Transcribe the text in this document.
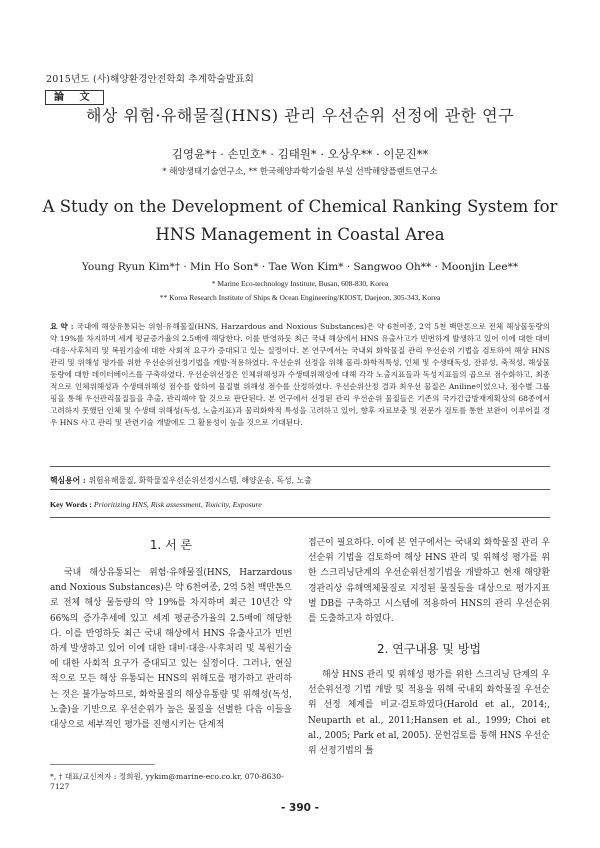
2015년도 (사)해양환경안전학회 추계학술발표회
論 文
해상 위험·유해물질(HNS) 관리 우선순위 선정에 관한 연구
김영윤*† · 손민호* · 김태원* · 오상우** · 이문진**
* 해양생태기술연구소, ** 한국해양과학기술원 부설 선박해양플랜트연구소
A Study on the Development of Chemical Ranking System for HNS Management in Coastal Area
Young Ryun Kim*† · Min Ho Son* · Tae Won Kim* · Sangwoo Oh** · Moonjin Lee**
* Marine Eco-technology Institute, Busan, 608-830, Korea
** Korea Research Institute of Ships & Ocean Engineering/KIOST, Daejeon, 305-343, Korea
요 약 : 국내에 해상유통되는 위험·유해물질(HNS, Harzardous and Noxious Substances)은 약 6천여종, 2억 5천 백만톤으로 전체 해상물동량의 약 19%를 차지하며 세계 평균증가율의 2.5배에 해당한다. 이를 반영하듯 최근 국내 해상에서 HNS 유출사고가 빈번하게 발생하고 있어 이에 대한 대비·대응·사후처리 및 복원기술에 대한 사회적 요구가 증대되고 있는 실정이다. 본 연구에서는 국내외 화학물질 관리 우선순위 기법을 검토하여 해상 HNS 관리 및 위해성 평가를 위한 우선순위선정기법을 개발·적용하였다. 우선순위 선정을 위해 물리·화학적특성, 인체 및 수생태독성, 잔류성, 축적성, 해상물동량에 대한 데이터베이스를 구축하였다. 우선순위선정은 인체위해성과 수생태위해성에 대해 각각 노출지표들과 독성지표들의 곱으로 점수화하고, 최종적으로 인체위해성과 수생태위해성 점수를 합하여 물질별 위해성 점수를 산정하였다. 우선순위산정 결과 최우선 물질은 Aniline이었으나, 점수별 그룹핑을 통해 우선관리물질들을 추출, 관리해야 할 것으로 판단된다. 본 연구에서 선정된 관리 우선순위 물질들은 기존의 국가긴급방재계획상의 68종에서 고려하지 못했던 인체 및 수생태 위해성(독성, 노출지표)과 물리화학적 특성을 고려하고 있어, 향후 자료보충 및 전문가 검토를 통한 보완이 이루어질 경우 HNS 사고 관리 및 관련기술 개발에도 그 활용성이 높을 것으로 기대된다.
핵심용어 : 위험유해물질, 화학물질우선순위선정시스템, 해양운송, 독성, 노출
Key Words : Prioritizing HNS, Risk assessment, Toxicity, Exposure
1. 서 론

국내 해상유통되는 위험·유해물질(HNS, Harzardous and Noxious Substances)은 약 6천여종, 2억 5천 백만톤으로 전체 해상 물동량의 약 19%를 차지하며 최근 10년간 약 66%의 증가추세에 있고 세계 평균증가율의 2.5배에 해당한다. 이를 반영하듯 최근 국내 해상에서 HNS 유출사고가 빈번하게 발생하고 있어 이에 대한 대비·대응·사후처리 및 복원기술에 대한 사회적 요구가 증대되고 있는 실정이다. 그러나, 현실적으로 모든 해상 유통되는 HNS의 위해도를 평가하고 관리하는 것은 불가능하므로, 화학물질의 해상유통량 및 위해성(독성, 노출)을 기반으로 우선순위가 높은 물질을 선별한 다음 이들을 대상으로 세부적인 평가를 진행시키는 단계적

*, † 대표/교신저자 : 정희원, yykim@marine-eco.co.kr, 070-8630-7127

접근이 필요하다. 이에 본 연구에서는 국내외 화학물질 관리 우선순위 기법을 검토하여 해상 HNS 관리 및 위해성 평가를 위한 스크리닝단계의 우선순위선정기법을 개발하고 현재 해양환경관리상 유해액체물질로 지정된 물질들을 대상으로 평가지표별 DB를 구축하고 시스템에 적용하여 HNS의 관리 우선순위를 도출하고자 하였다.

2. 연구내용 및 방법

해상 HNS 관리 및 위해성 평가를 위한 스크리닝 단계의 우선순위선정 기법 개발 및 적용을 위해 국내외 화학물질 우선순위 선정 체계를 비교·검토하였다(Harold et al., 2014;, Neuparth et al., 2011;Hansen et al., 1999; Choi et al., 2005; Park et al, 2005). 문헌검토를 통해 HNS 우선순위 선정기법의 틀

- 390 -
